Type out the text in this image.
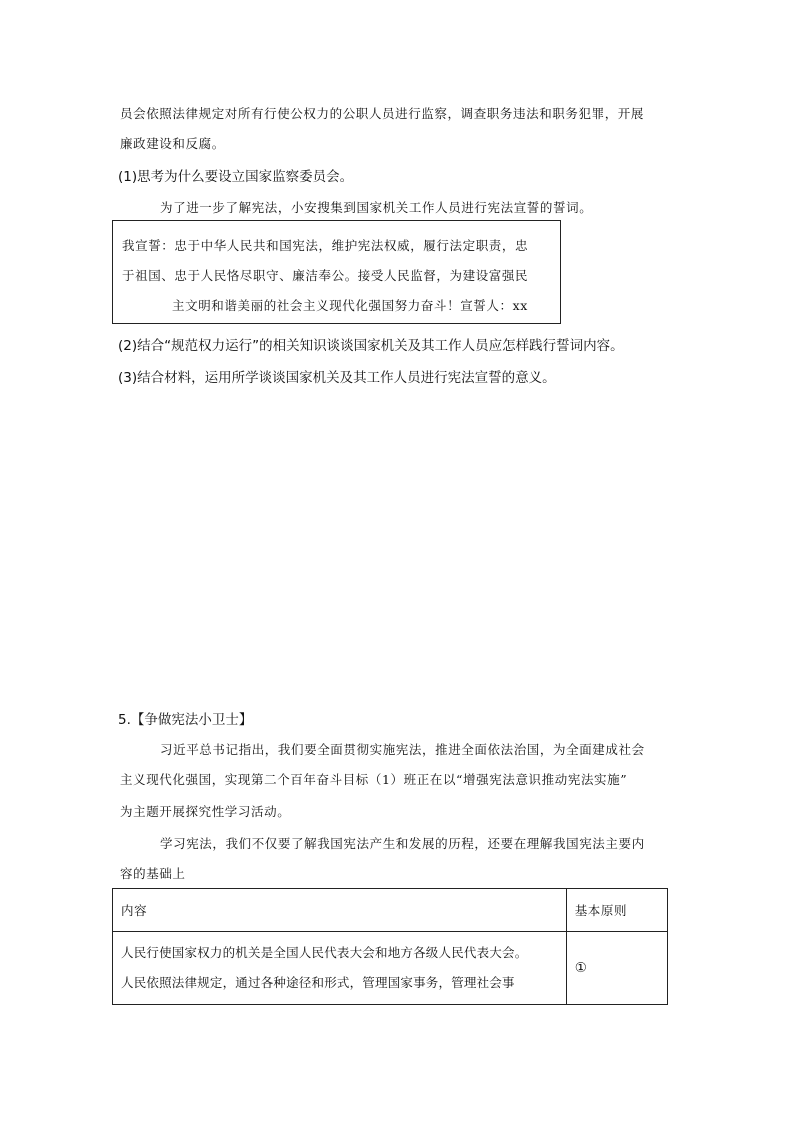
员会依照法律规定对所有行使公权力的公职人员进行监察，调查职务违法和职务犯罪，开展
廉政建设和反腐。
(1)思考为什么要设立国家监察委员会。
为了进一步了解宪法，小安搜集到国家机关工作人员进行宪法宣誓的誓词。
我宣誓：忠于中华人民共和国宪法，维护宪法权威，履行法定职责，忠
于祖国、忠于人民恪尽职守、廉洁奉公。接受人民监督，为建设富强民
主文明和谐美丽的社会主义现代化强国努力奋斗！宣誓人：xx
(2)结合“规范权力运行”的相关知识谈谈国家机关及其工作人员应怎样践行誓词内容。
(3)结合材料，运用所学谈谈国家机关及其工作人员进行宪法宣誓的意义。
5.【争做宪法小卫士】
习近平总书记指出，我们要全面贯彻实施宪法，推进全面依法治国，为全面建成社会
主义现代化强国，实现第二个百年奋斗目标（1）班正在以“增强宪法意识推动宪法实施”
为主题开展探究性学习活动。
学习宪法，我们不仅要了解我国宪法产生和发展的历程，还要在理解我国宪法主要内
容的基础上
内容	基本原则

人民行使国家权力的机关是全国人民代表大会和地方各级人民代表大会。
人民依照法律规定，通过各种途径和形式，管理国家事务，管理社会事	①
